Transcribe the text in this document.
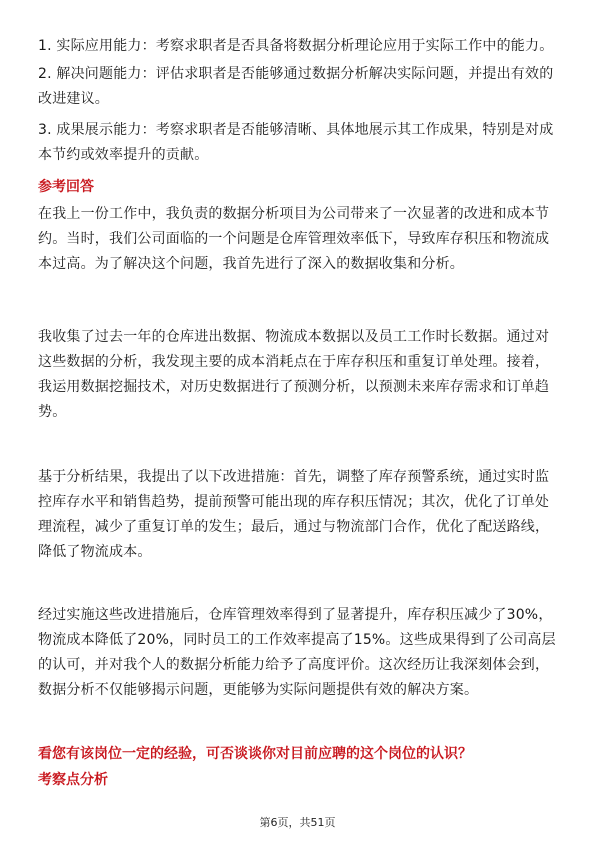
1. 实际应用能力：考察求职者是否具备将数据分析理论应用于实际工作中的能力。

2. 解决问题能力：评估求职者是否能够通过数据分析解决实际问题，并提出有效的改进建议。

3. 成果展示能力：考察求职者是否能够清晰、具体地展示其工作成果，特别是对成本节约或效率提升的贡献。

参考回答

在我上一份工作中，我负责的数据分析项目为公司带来了一次显著的改进和成本节约。当时，我们公司面临的一个问题是仓库管理效率低下，导致库存积压和物流成本过高。为了解决这个问题，我首先进行了深入的数据收集和分析。

我收集了过去一年的仓库进出数据、物流成本数据以及员工工作时长数据。通过对这些数据的分析，我发现主要的成本消耗点在于库存积压和重复订单处理。接着，我运用数据挖掘技术，对历史数据进行了预测分析，以预测未来库存需求和订单趋势。

基于分析结果，我提出了以下改进措施：首先，调整了库存预警系统，通过实时监控库存水平和销售趋势，提前预警可能出现的库存积压情况；其次，优化了订单处理流程，减少了重复订单的发生；最后，通过与物流部门合作，优化了配送路线，降低了物流成本。

经过实施这些改进措施后，仓库管理效率得到了显著提升，库存积压减少了30%，物流成本降低了20%，同时员工的工作效率提高了15%。这些成果得到了公司高层的认可，并对我个人的数据分析能力给予了高度评价。这次经历让我深刻体会到，数据分析不仅能够揭示问题，更能够为实际问题提供有效的解决方案。

看您有该岗位一定的经验，可否谈谈你对目前应聘的这个岗位的认识？

考察点分析

第6页，共51页
